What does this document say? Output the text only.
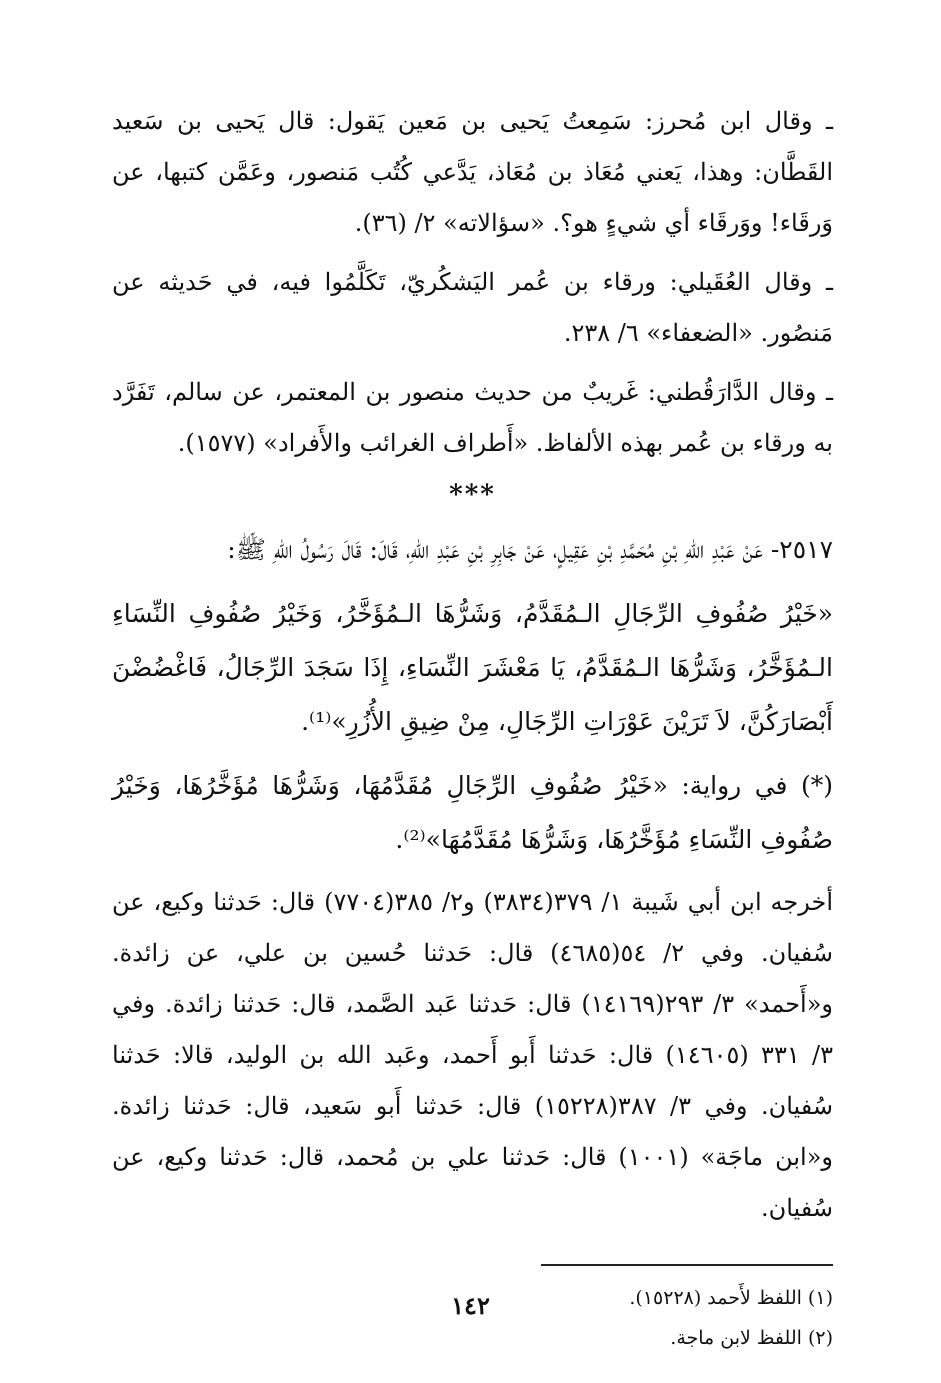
ـ وقال ابن مُحرز: سَمِعتُ يَحيى بن مَعين يَقول: قال يَحيى بن سَعيد القَطَّان: وهذا، يَعني مُعَاذ بن مُعَاذ، يَدَّعي كُتُب مَنصور، وعَمَّن كتبها، عن وَرقَاء! ووَرقَاء أي شيءٍ هو؟. «سؤالاته» ٢/ (٣٦).

ـ وقال العُقَيلي: ورقاء بن عُمر اليَشكُريّ، تَكَلَّمُوا فيه، في حَديثه عن مَنصُور. «الضعفاء» ٦/ ٢٣٨.

ـ وقال الدَّارَقُطني: غَريبٌ من حديث منصور بن المعتمر، عن سالم، تَفَرَّد به ورقاء بن عُمر بهذه الألفاظ. «أَطراف الغرائب والأَفراد» (١٥٧٧).

***

٢٥١٧- عَنْ عَبْدِ اللهِ بْنِ مُحَمَّدِ بْنِ عَقِيلٍ، عَنْ جَابِرِ بْنِ عَبْدِ اللهِ، قَالَ: قَالَ رَسُولُ اللهِ ﷺ:

«خَيْرُ صُفُوفِ الرِّجَالِ الـمُقَدَّمُ، وَشَرُّهَا الـمُؤَخَّرُ، وَخَيْرُ صُفُوفِ النِّسَاءِ الـمُؤَخَّرُ، وَشَرُّهَا الـمُقَدَّمُ، يَا مَعْشَرَ النِّسَاءِ، إِذَا سَجَدَ الرِّجَالُ، فَاغْضُضْنَ أَبْصَارَكُنَّ، لاَ تَرَيْنَ عَوْرَاتِ الرِّجَالِ، مِنْ ضِيقِ الأُزُرِ»⁽¹⁾.

(*) في رواية: «خَيْرُ صُفُوفِ الرِّجَالِ مُقَدَّمُهَا، وَشَرُّهَا مُؤَخَّرُهَا، وَخَيْرُ صُفُوفِ النِّسَاءِ مُؤَخَّرُهَا، وَشَرُّهَا مُقَدَّمُهَا»⁽²⁾.

أخرجه ابن أبي شَيبة ١/ ٣٧٩(٣٨٣٤) و٢/ ٣٨٥(٧٧٠٤) قال: حَدثنا وكيع، عن سُفيان. وفي ٢/ ٥٤(٤٦٨٥) قال: حَدثنا حُسين بن علي، عن زائدة. و«أَحمد» ٣/ ٢٩٣(١٤١٦٩) قال: حَدثنا عَبد الصَّمد، قال: حَدثنا زائدة. وفي ٣/ ٣٣١ (١٤٦٠٥) قال: حَدثنا أَبو أَحمد، وعَبد الله بن الوليد، قالا: حَدثنا سُفيان. وفي ٣/ ٣٨٧(١٥٢٢٨) قال: حَدثنا أَبو سَعيد، قال: حَدثنا زائدة. و«ابن ماجَة» (١٠٠١) قال: حَدثنا علي بن مُحمد، قال: حَدثنا وكيع، عن سُفيان.

(١) اللفظ لأَحمد (١٥٢٢٨).

(٢) اللفظ لابن ماجة.

١٤٢
